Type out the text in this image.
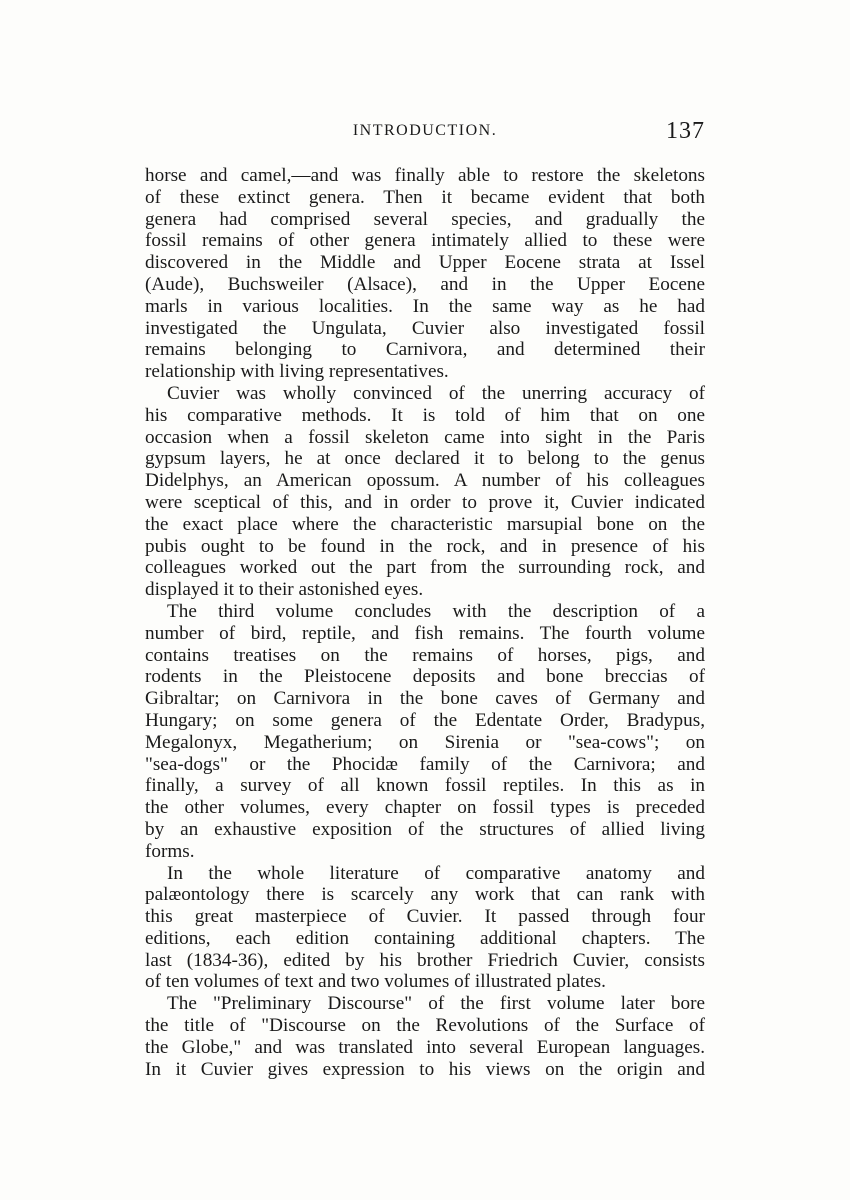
INTRODUCTION.	137
horse and camel,—and was finally able to restore the skeletons
of these extinct genera. Then it became evident that both
genera had comprised several species, and gradually the
fossil remains of other genera intimately allied to these were
discovered in the Middle and Upper Eocene strata at Issel
(Aude), Buchsweiler (Alsace), and in the Upper Eocene
marls in various localities. In the same way as he had
investigated the Ungulata, Cuvier also investigated fossil
remains belonging to Carnivora, and determined their
relationship with living representatives.
Cuvier was wholly convinced of the unerring accuracy of
his comparative methods. It is told of him that on one
occasion when a fossil skeleton came into sight in the Paris
gypsum layers, he at once declared it to belong to the genus
Didelphys, an American opossum. A number of his colleagues
were sceptical of this, and in order to prove it, Cuvier indicated
the exact place where the characteristic marsupial bone on the
pubis ought to be found in the rock, and in presence of his
colleagues worked out the part from the surrounding rock, and
displayed it to their astonished eyes.
The third volume concludes with the description of a
number of bird, reptile, and fish remains. The fourth volume
contains treatises on the remains of horses, pigs, and
rodents in the Pleistocene deposits and bone breccias of
Gibraltar; on Carnivora in the bone caves of Germany and
Hungary; on some genera of the Edentate Order, Bradypus,
Megalonyx, Megatherium; on Sirenia or "sea-cows"; on
"sea-dogs" or the Phocidæ family of the Carnivora; and
finally, a survey of all known fossil reptiles. In this as in
the other volumes, every chapter on fossil types is preceded
by an exhaustive exposition of the structures of allied living
forms.
In the whole literature of comparative anatomy and
palæontology there is scarcely any work that can rank with
this great masterpiece of Cuvier. It passed through four
editions, each edition containing additional chapters. The
last (1834-36), edited by his brother Friedrich Cuvier, consists
of ten volumes of text and two volumes of illustrated plates.
The "Preliminary Discourse" of the first volume later bore
the title of "Discourse on the Revolutions of the Surface of
the Globe," and was translated into several European languages.
In it Cuvier gives expression to his views on the origin and
